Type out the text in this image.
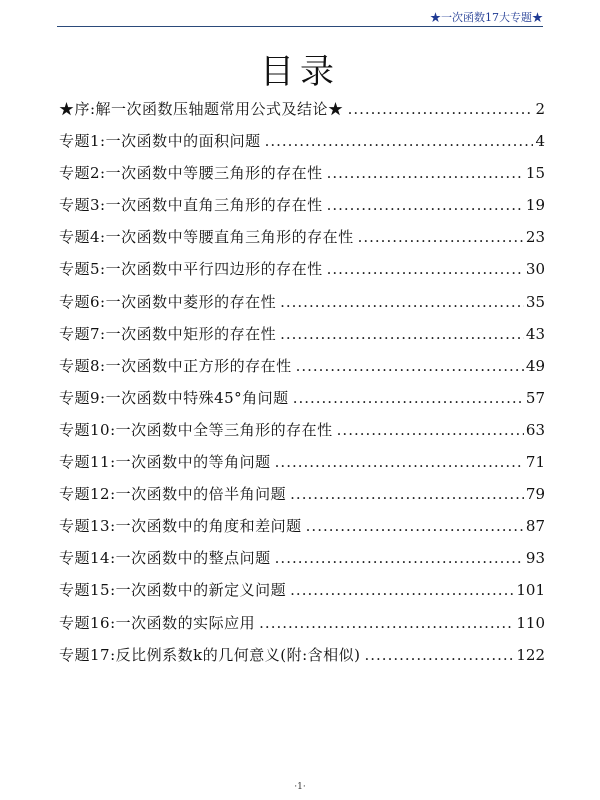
★一次函数17大专题★
目录
★序:解一次函数压轴题常用公式及结论★ .....	2
专题1:一次函数中的面积问题 .....	4
专题2:一次函数中等腰三角形的存在性 .....	15
专题3:一次函数中直角三角形的存在性 .....	19
专题4:一次函数中等腰直角三角形的存在性 .....	23
专题5:一次函数中平行四边形的存在性 .....	30
专题6:一次函数中菱形的存在性 .....	35
专题7:一次函数中矩形的存在性 .....	43
专题8:一次函数中正方形的存在性 .....	49
专题9:一次函数中特殊45°角问题 .....	57
专题10:一次函数中全等三角形的存在性 .....	63
专题11:一次函数中的等角问题 .....	71
专题12:一次函数中的倍半角问题 .....	79
专题13:一次函数中的角度和差问题 .....	87
专题14:一次函数中的整点问题 .....	93
专题15:一次函数中的新定义问题 .....	101
专题16:一次函数的实际应用 .....	110
专题17:反比例系数k的几何意义(附:含相似) .....	122
·1·
